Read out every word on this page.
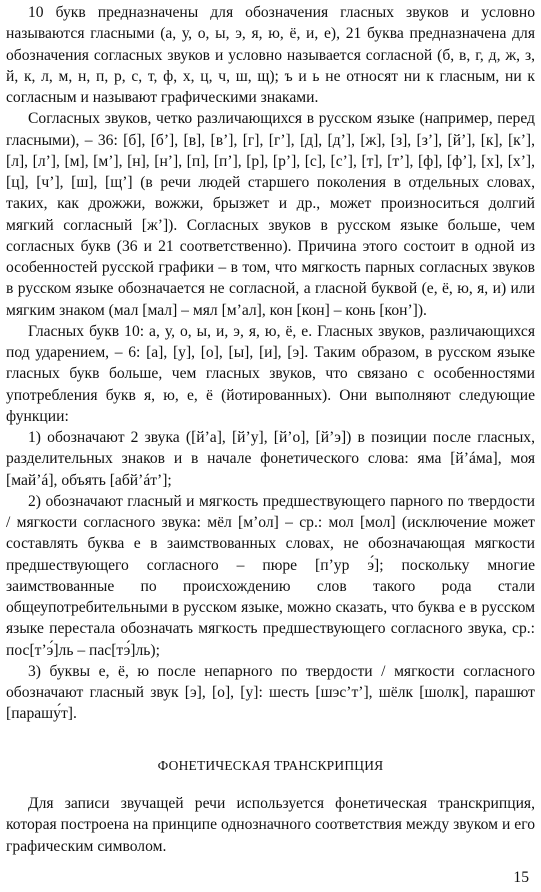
10 букв предназначены для обозначения гласных звуков и условно называются гласными (а, у, о, ы, э, я, ю, ё, и, е), 21 буква предназначена для обозначения согласных звуков и условно называется согласной (б, в, г, д, ж, з, й, к, л, м, н, п, р, с, т, ф, х, ц, ч, ш, щ); ъ и ь не относят ни к гласным, ни к согласным и называют графическими знаками.

Согласных звуков, четко различающихся в русском языке (например, перед гласными), – 36: [б], [б’], [в], [в’], [г], [г’], [д], [д’], [ж], [з], [з’], [й’], [к], [к’], [л], [л’], [м], [м’], [н], [н’], [п], [п’], [р], [р’], [с], [с’], [т], [т’], [ф], [ф’], [х], [х’], [ц], [ч’], [ш], [щ’] (в речи людей старшего поколения в отдельных словах, таких, как дрожжи, вожжи, брызжет и др., может произноситься долгий мягкий согласный [ж’]). Согласных звуков в русском языке больше, чем согласных букв (36 и 21 соответственно). Причина этого состоит в одной из особенностей русской графики – в том, что мягкость парных согласных звуков в русском языке обозначается не согласной, а гласной буквой (е, ё, ю, я, и) или мягким знаком (мал [мал] – мял [м’ал], кон [кон] – конь [кон’]).

Гласных букв 10: а, у, о, ы, и, э, я, ю, ё, е. Гласных звуков, различающихся под ударением, – 6: [а], [у], [о], [ы], [и], [э]. Таким образом, в русском языке гласных букв больше, чем гласных звуков, что связано с особенностями употребления букв я, ю, е, ё (йотированных). Они выполняют следующие функции:

1) обозначают 2 звука ([й’а], [й’у], [й’о], [й’э]) в позиции после гласных, разделительных знаков и в начале фонетического слова: яма [й’áма], моя [май’á], объять [абй’áт’];

2) обозначают гласный и мягкость предшествующего парного по твердости / мягкости согласного звука: мёл [м’ол] – ср.: мол [мол] (исключение может составлять буква е в заимствованных словах, не обозначающая мягкости предшествующего согласного – пюре [п’ур э́]; поскольку многие заимствованные по происхождению слов такого рода стали общеупотребительными в русском языке, можно сказать, что буква е в русском языке перестала обозначать мягкость предшествующего согласного звука, ср.: пос[т’э́]ль – пас[тэ́]ль);

3) буквы е, ё, ю после непарного по твердости / мягкости согласного обозначают гласный звук [э], [о], [у]: шесть [шэс’т’], шёлк [шолк], парашют [парашу́т].

ФОНЕТИЧЕСКАЯ ТРАНСКРИПЦИЯ

Для записи звучащей речи используется фонетическая транскрипция, которая построена на принципе однозначного соответствия между звуком и его графическим символом.

15
